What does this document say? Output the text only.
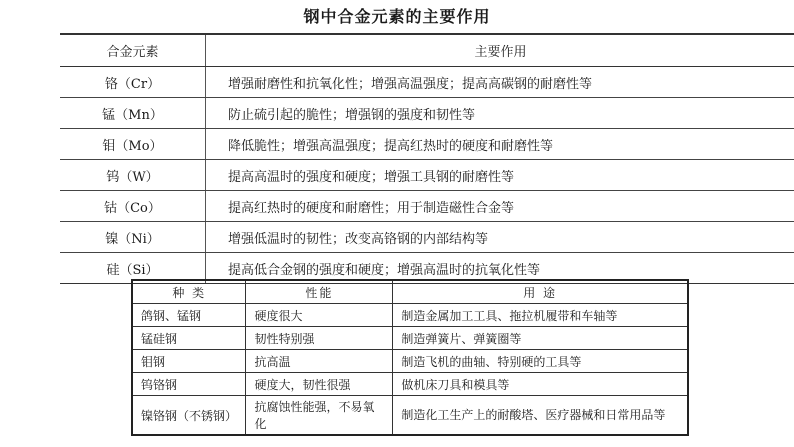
钢中合金元素的主要作用
合金元素	主要作用
铬（Cr）	增强耐磨性和抗氧化性；增强高温强度；提高高碳钢的耐磨性等
锰（Mn）	防止硫引起的脆性；增强钢的强度和韧性等
钼（Mo）	降低脆性；增强高温强度；提高红热时的硬度和耐磨性等
钨（W）	提高高温时的强度和硬度；增强工具钢的耐磨性等
钴（Co）	提高红热时的硬度和耐磨性；用于制造磁性合金等
镍（Ni）	增强低温时的韧性；改变高铬钢的内部结构等
硅（Si）	提高低合金钢的强度和硬度；增强高温时的抗氧化性等
种 类	性能	用 途
鸽钢、锰钢	硬度很大	制造金属加工工具、拖拉机履带和车轴等
锰硅钢	韧性特别强	制造弹簧片、弹簧圈等
钼钢	抗高温	制造飞机的曲轴、特别硬的工具等
钨铬钢	硬度大，韧性很强	做机床刀具和模具等
镍铬钢（不锈钢）	抗腐蚀性能强，不易氧化	制造化工生产上的耐酸塔、医疗器械和日常用品等
